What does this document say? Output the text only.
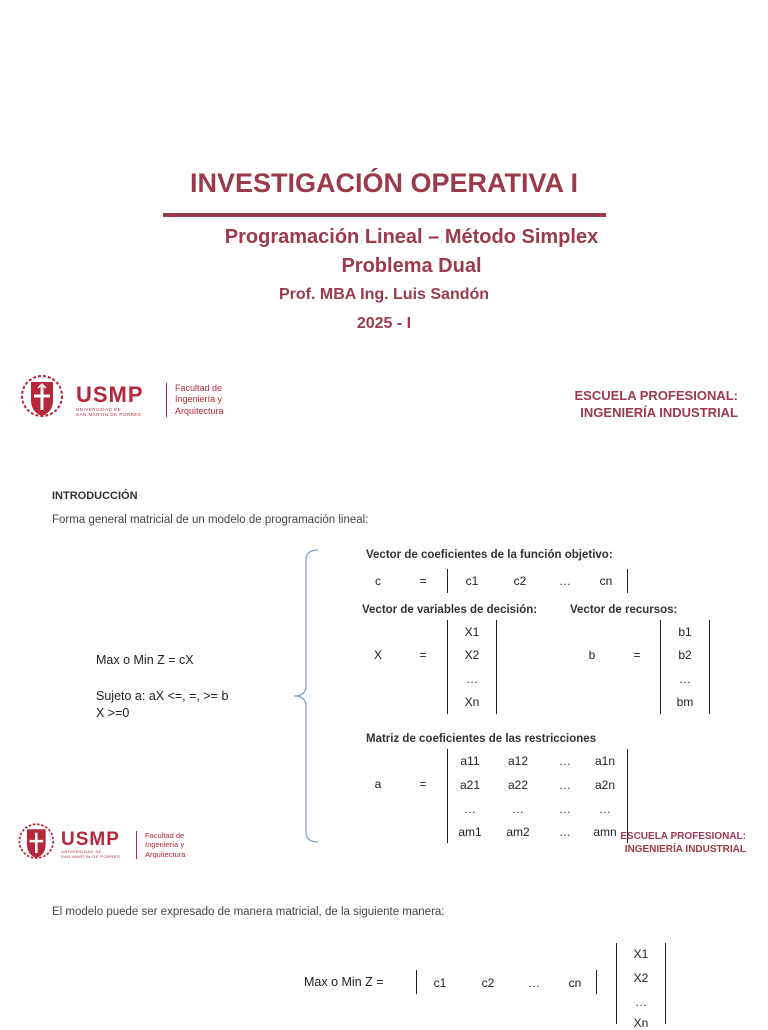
INVESTIGACIÓN OPERATIVA I
Programación Lineal – Método Simplex
Problema Dual
Prof. MBA Ing. Luis Sandón
2025 - I
USMP
UNIVERSIDAD DE
SAN MARTÍN DE PORRES
Facultad de
Ingeniería y
Arquitectura
ESCUELA PROFESIONAL:
INGENIERÍA INDUSTRIAL
INTRODUCCIÓN
Forma general matricial de un modelo de programación lineal:
Max o Min Z = cX
Sujeto a: aX <=, =, >= b
X >=0
Vector de coeficientes de la función objetivo:
c	=	c1	c2	…	cn
Vector de variables de decisión:
X	=
X1
X2
…
Xn
Vector de recursos:
b	=
b1
b2
…
bm
Matriz de coeficientes de las restricciones
a	=
a11	a12	…	a1n
a21	a22	…	a2n
…	…	…	…
am1	am2	…	amn
USMP
UNIVERSIDAD DE
SAN MARTÍN DE PORRES
Facultad de
Ingeniería y
Arquitectura
ESCUELA PROFESIONAL:
INGENIERÍA INDUSTRIAL
El modelo puede ser expresado de manera matricial, de la siguiente manera:
Max o Min Z =	c1	c2	…	cn
X1
X2
…
Xn
